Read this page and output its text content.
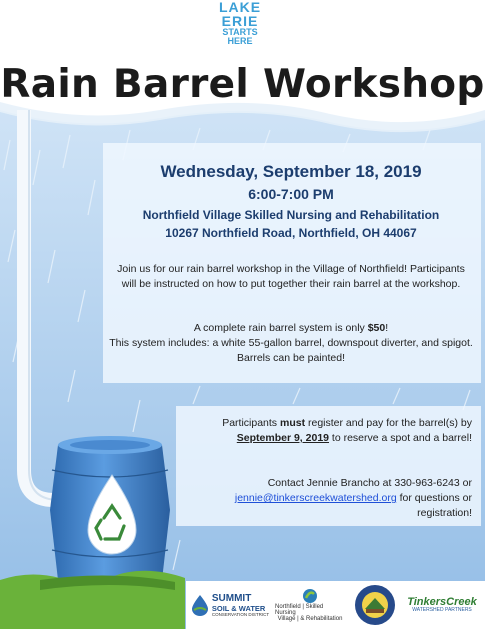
LAKE
ERIE
STARTS
HERE
Rain Barrel Workshop
Wednesday, September 18, 2019
6:00-7:00 PM
Northfield Village Skilled Nursing and Rehabilitation
10267 Northfield Road, Northfield, OH 44067
Join us for our rain barrel workshop in the Village of Northfield! Participants will be instructed on how to put together their rain barrel at the workshop.
A complete rain barrel system is only $50!
This system includes: a white 55-gallon barrel, downspout diverter, and spigot. Barrels can be painted!
Participants must register and pay for the barrel(s) by
September 9, 2019 to reserve a spot and a barrel!
Contact Jennie Brancho at 330-963-6243 or
jennie@tinkerscreekwatershed.org for questions or registration!
SUMMIT
SOIL & WATER
CONSERVATION DISTRICT
Northfield | Skilled Nursing
Village | & Rehabilitation
TinkersCreek
WATERSHED PARTNERS
